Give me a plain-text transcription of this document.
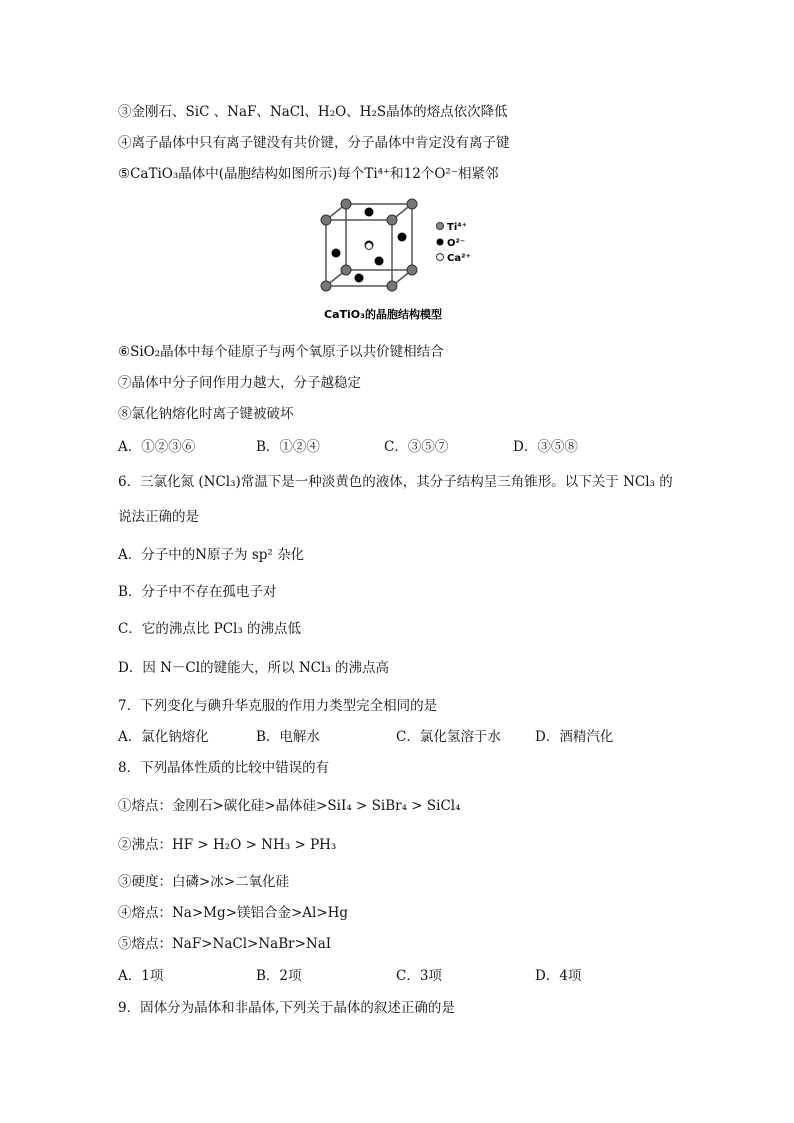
③金刚石、SiC 、NaF、NaCl、H₂O、H₂S晶体的熔点依次降低
④离子晶体中只有离子键没有共价键，分子晶体中肯定没有离子键
⑤CaTiO₃晶体中(晶胞结构如图所示)每个Ti⁴⁺和12个O²⁻相紧邻
Ti⁴⁺
O²⁻
Ca²⁺
CaTiO₃的晶胞结构模型
⑥SiO₂晶体中每个硅原子与两个氧原子以共价键相结合
⑦晶体中分子间作用力越大，分子越稳定
⑧氯化钠熔化时离子键被破坏
A．①②③⑥	B．①②④	C．③⑤⑦	D．③⑤⑧
6．三氯化氮 (NCl₃)常温下是一种淡黄色的液体，其分子结构呈三角锥形。以下关于 NCl₃ 的
说法正确的是
A．分子中的N原子为 sp² 杂化
B．分子中不存在孤电子对
C．它的沸点比 PCl₃ 的沸点低
D．因 N－Cl的键能大，所以 NCl₃ 的沸点高
7．下列变化与碘升华克服的作用力类型完全相同的是
A．氯化钠熔化	B．电解水	C．氯化氢溶于水	D．酒精汽化
8．下列晶体性质的比较中错误的有
①熔点：金刚石>碳化硅>晶体硅>SiI₄ > SiBr₄ > SiCl₄
②沸点：HF > H₂O > NH₃ > PH₃
③硬度：白磷>冰>二氧化硅
④熔点：Na>Mg>镁铝合金>Al>Hg
⑤熔点：NaF>NaCl>NaBr>NaI
A．1项	B．2项	C．3项	D．4项
9．固体分为晶体和非晶体,下列关于晶体的叙述正确的是
